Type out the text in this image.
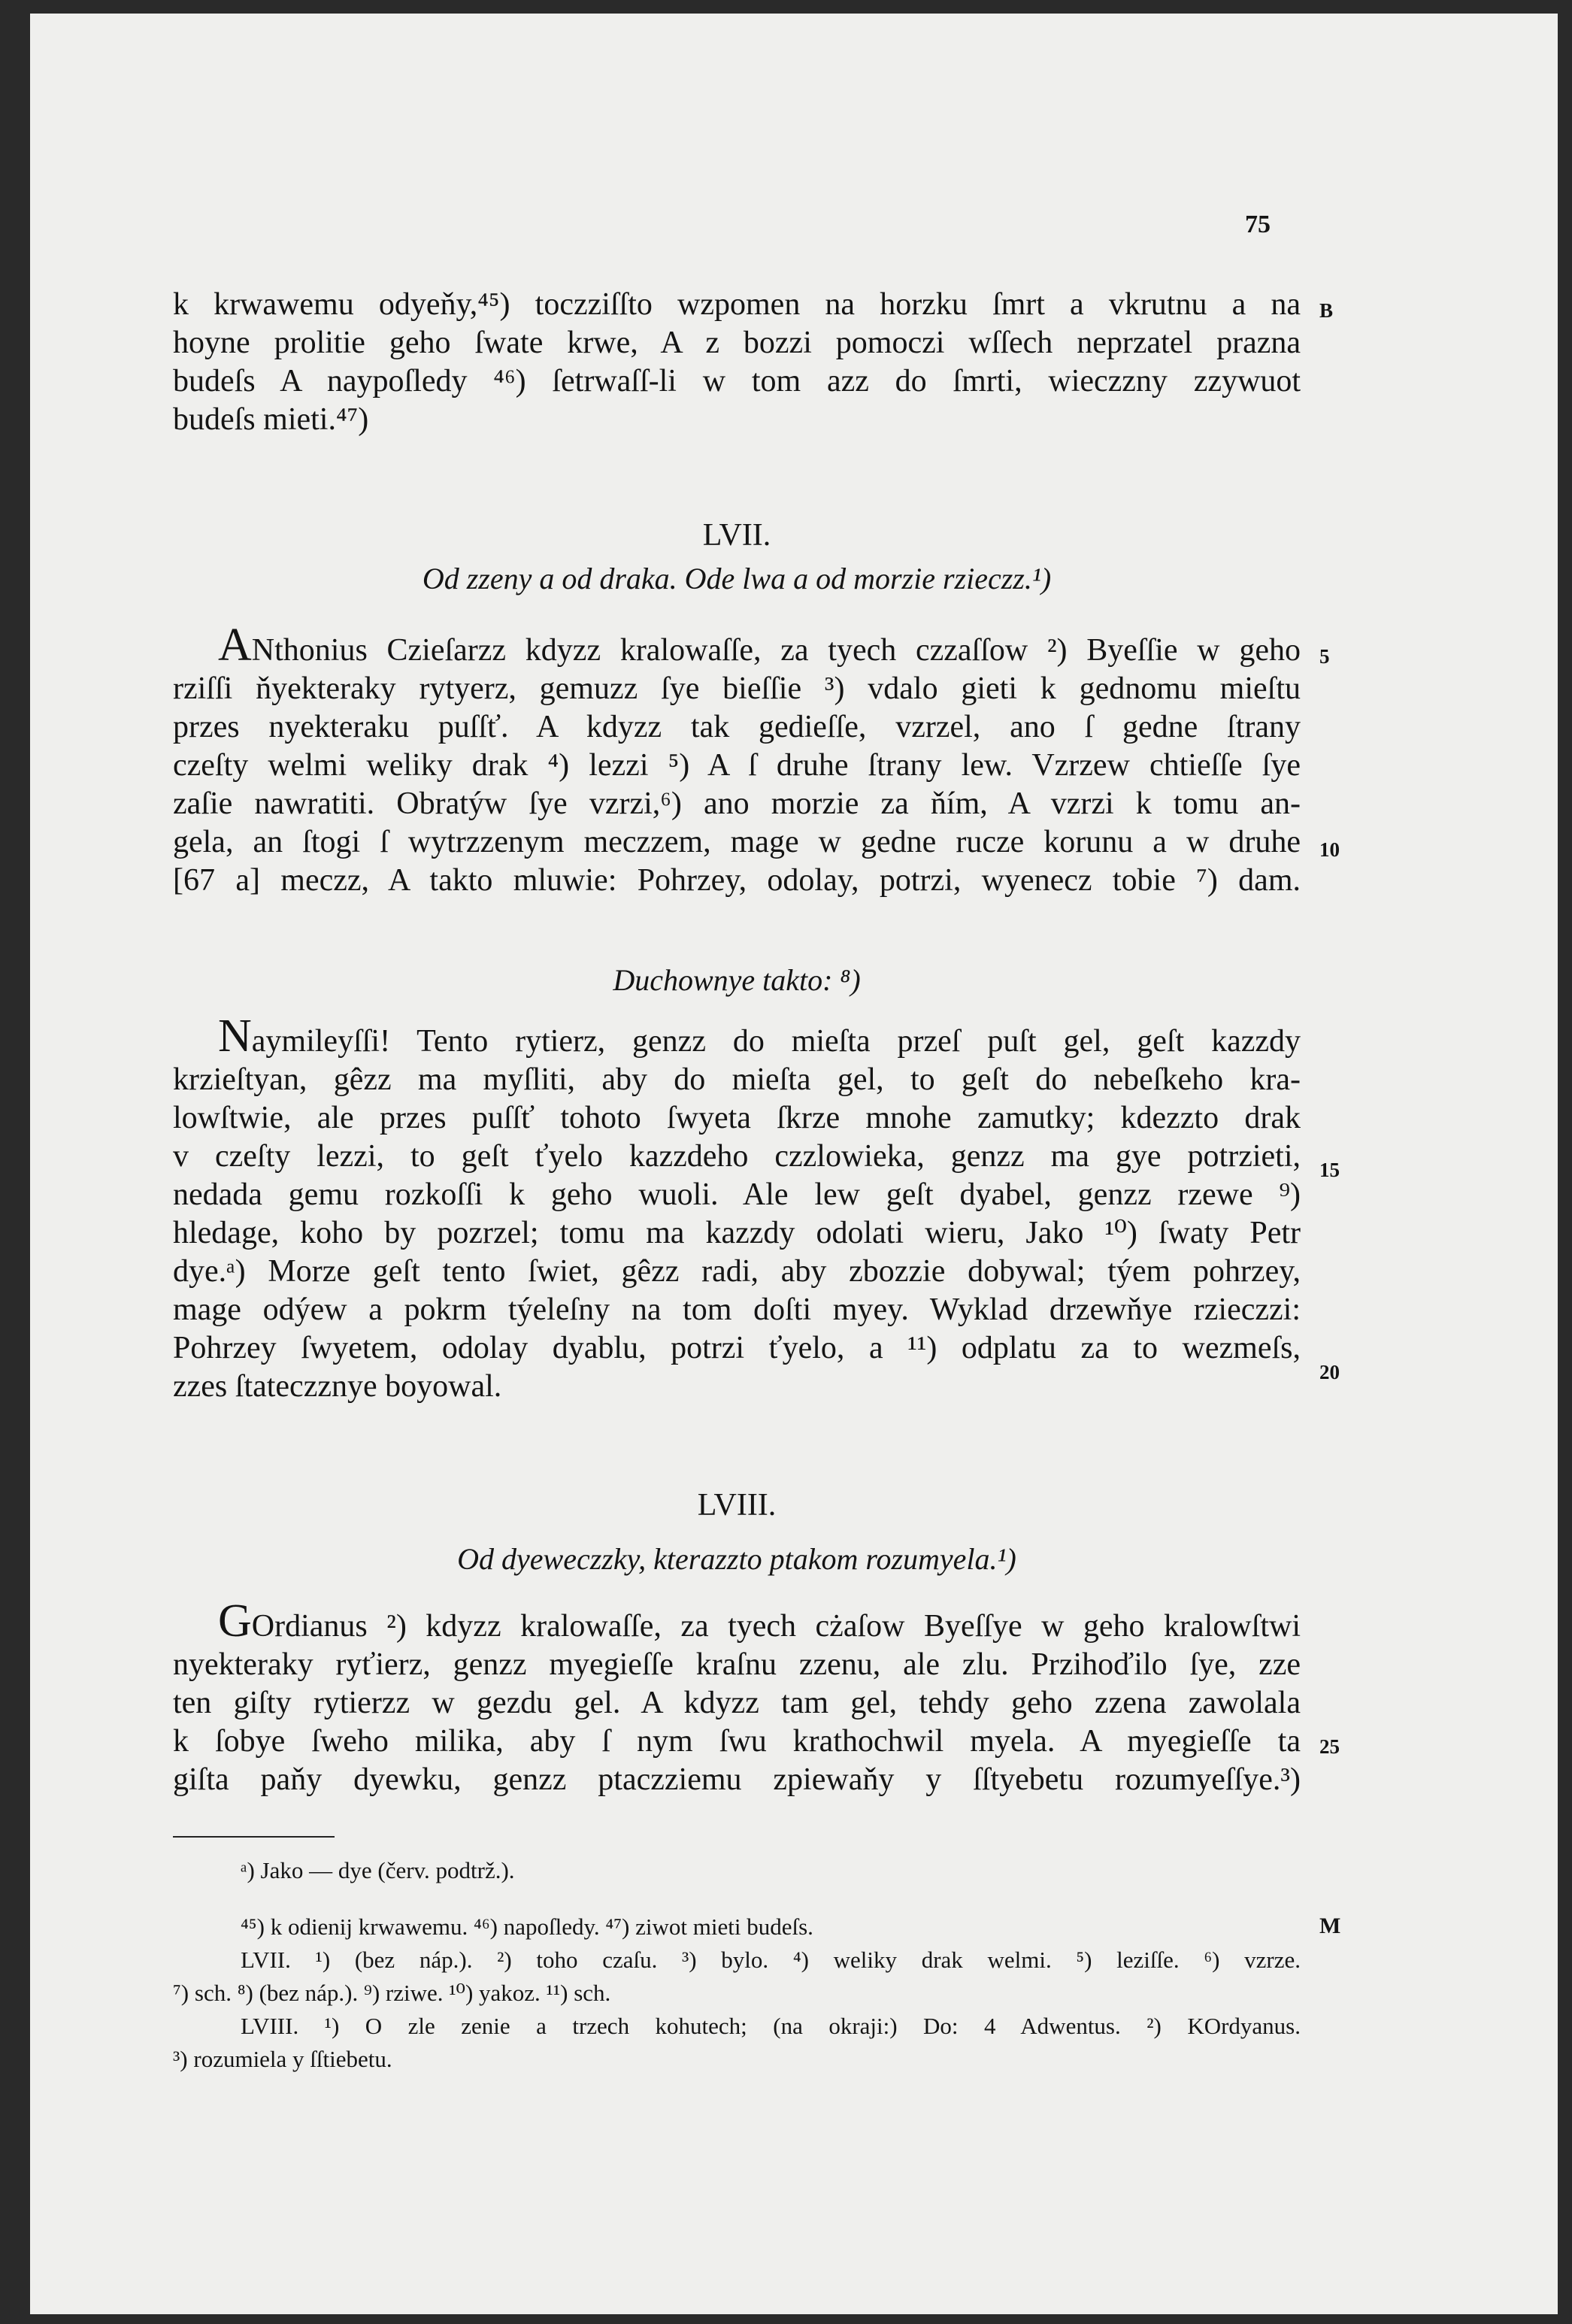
75
B
k krwawemu odyeňy,⁴⁵) toczziſſto wzpomen na horzku ſmrt a vkrutnu a na
hoyne prolitie geho ſwate krwe, A z bozzi pomoczi wſſech neprzatel prazna
budeſs A naypoſledy ⁴⁶) ſetrwaſſ-li w tom azz do ſmrti, wieczzny zzywuot
budeſs mieti.⁴⁷)
LVII.
Od zzeny a od draka. Ode lwa a od morzie rzieczz.¹)
ANthonius Cziеſarzz kdyzz kralowaſſe, za tyech czzaſſow ²) Byeſſie w geho
rziſſi ňyekteraky rytyerz, gemuzz ſye bieſſie ³) vdalo gieti k gednomu mieſtu
przes nyekteraku puſſť. A kdyzz tak gedieſſe, vzrzel, ano ſ gedne ſtrany
czeſty welmi weliky drak ⁴) lezzi ⁵) A ſ druhe ſtrany lew. Vzrzew chtieſſe ſye
zaſie nawratiti. Obratýw ſye vzrzi,⁶) ano morzie za ňím, A vzrzi k tomu an-
gela, an ſtogi ſ wytrzzenym meczzem, mage w gedne rucze korunu a w druhe
[67 a] meczz, A takto mluwie: Pohrzey, odolay, potrzi, wyenecz tobie ⁷) dam.
5
10
Duchownye takto: ⁸)
Naymileyſſi! Tento rytierz, genzz do mieſta przeſ puſt gel, geſt kazzdy
krzieſtyan, gêzz ma myſliti, aby do mieſta gel, to geſt do nebeſkeho kra-
lowſtwie, ale przes puſſť tohoto ſwyeta ſkrze mnohe zamutky; kdezzto drak
v czeſty lezzi, to geſt ťyelo kazzdeho czzlowieka, genzz ma gye potrzieti,
nedada gemu rozkoſſi k geho wuoli. Ale lew geſt dyabel, genzz rzewe ⁹)
hledage, koho by pozrzel; tomu ma kazzdy odolati wieru, Jako ¹⁰) ſwaty Petr
dye.ᵃ) Morze geſt tento ſwiet, gêzz radi, aby zbozzie dobywal; týem pohrzey,
mage odýew a pokrm týeleſny na tom doſti myey. Wyklad drzewňye rzieczzi:
Pohrzey ſwyetem, odolay dyablu, potrzi ťyelo, a ¹¹) odplatu za to wezmeſs,
zzes ſtateczznye boyowal.
15
20
LVIII.
Od dyeweczzky, kterazzto ptakom rozumyela.¹)
GOrdianus ²) kdyzz kralowaſſe, za tyech cżaſow Byeſſye w geho kralowſtwi
nyekteraky ryťierz, genzz myegieſſe kraſnu zzenu, ale zlu. Przihoďilo ſye, zze
ten giſty rytierzz w gezdu gel. A kdyzz tam gel, tehdy geho zzena zawolala
k ſobye ſweho milika, aby ſ nym ſwu krathochwil myela. A myegieſſe ta
giſta paňy dyewku, genzz ptaczziemu zpiewaňy y ſſtyebetu rozumyeſſye.³)
25
ᵃ) Jako — dye (červ. podtrž.).
⁴⁵) k odienij krwawemu. ⁴⁶) napoſledy. ⁴⁷) ziwot mieti budeſs.	M
LVII. ¹) (bez náp.). ²) toho czaſu. ³) bylo. ⁴) weliky drak welmi. ⁵) leziſſe. ⁶) vzrze.
⁷) sch. ⁸) (bez náp.). ⁹) rziwe. ¹⁰) yakoz. ¹¹) sch.
LVIII. ¹) O zle zenie a trzech kohutech; (na okraji:) Do: 4 Adwentus. ²) KOrdyanus.
³) rozumiela y ſſtiebetu.
